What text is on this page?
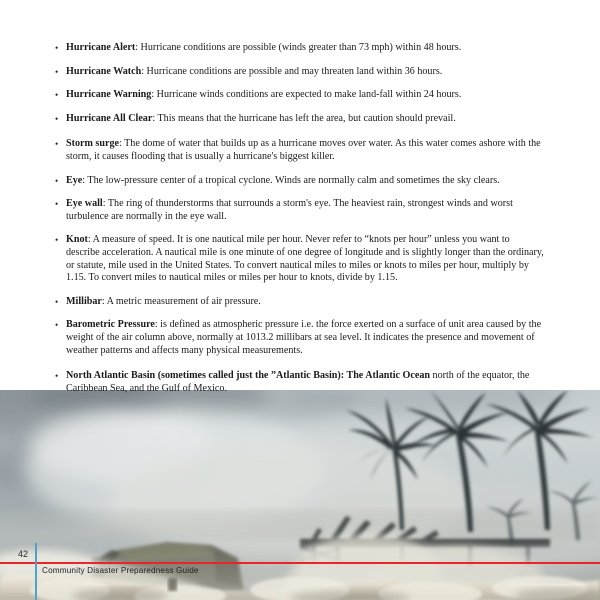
• Hurricane Alert: Hurricane conditions are possible (winds greater than 73 mph) within 48 hours.

• Hurricane Watch: Hurricane conditions are possible and may threaten land within 36 hours.

• Hurricane Warning: Hurricane winds conditions are expected to make land-fall within 24 hours.

• Hurricane All Clear: This means that the hurricane has left the area, but caution should prevail.

• Storm surge: The dome of water that builds up as a hurricane moves over water. As this water comes ashore with the storm, it causes flooding that is usually a hurricane's biggest killer.

• Eye: The low-pressure center of a tropical cyclone. Winds are normally calm and sometimes the sky clears.

• Eye wall: The ring of thunderstorms that surrounds a storm's eye. The heaviest rain, strongest winds and worst turbulence are normally in the eye wall.

• Knot: A measure of speed. It is one nautical mile per hour. Never refer to “knots per hour” unless you want to describe acceleration. A nautical mile is one minute of one degree of longitude and is slightly longer than the ordinary, or statute, mile used in the United States. To convert nautical miles to miles or knots to miles per hour, multiply by 1.15. To convert miles to nautical miles or miles per hour to knots, divide by 1.15.

• Millibar: A metric measurement of air pressure.

• Barometric Pressure: is defined as atmospheric pressure i.e. the force exerted on a surface of unit area caused by the weight of the air column above, normally at 1013.2 millibars at sea level. It indicates the presence and movement of weather patterns and affects many physical measurements.

• North Atlantic Basin (sometimes called just the ”Atlantic Basin): The Atlantic Ocean north of the equator, the Caribbean Sea, and the Gulf of Mexico.

42
Community Disaster Preparedness Guide
